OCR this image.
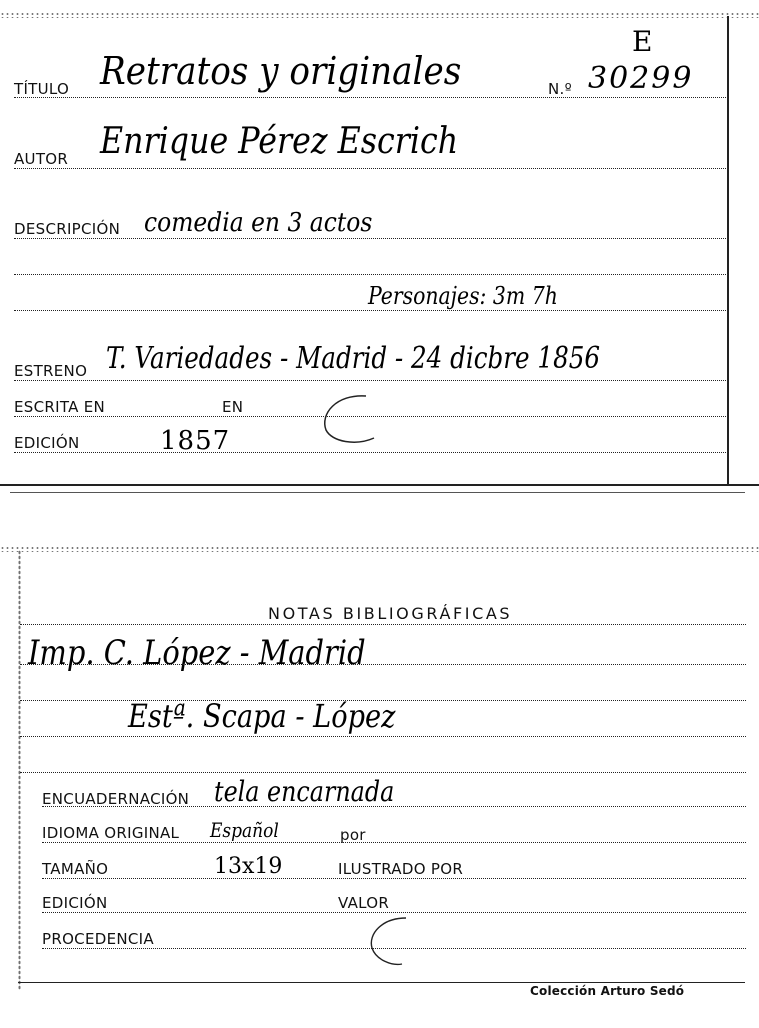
E
TÍTULO Retratos y originales	N.º 30299
AUTOR Enrique Pérez Escrich
DESCRIPCIÓN comedia en 3 actos
Personajes: 3m 7h
ESTRENO T. Variedades - Madrid - 24 dicbre 1856
ESCRITA EN	EN
EDICIÓN	1857
NOTAS BIBLIOGRÁFICAS
Imp. C. López - Madrid
Estª. Scapa - López
ENCUADERNACIÓN tela encarnada
IDIOMA ORIGINAL Español	por
TAMAÑO	13x19	ILUSTRADO POR
EDICIÓN	VALOR
PROCEDENCIA
Colección Arturo Sedó
